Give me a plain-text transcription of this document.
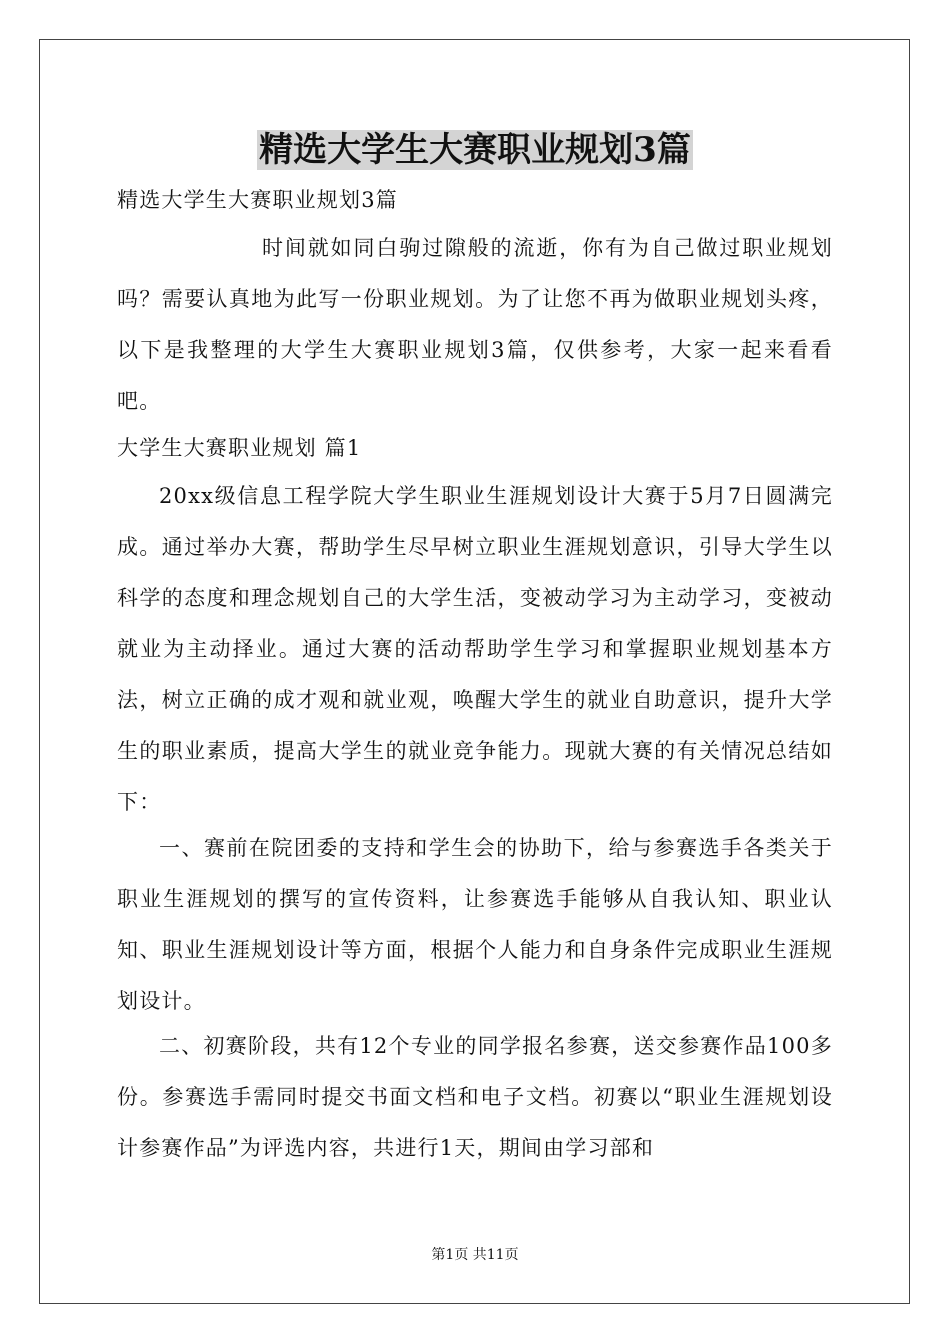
精选大学生大赛职业规划3篇

精选大学生大赛职业规划3篇

时间就如同白驹过隙般的流逝，你有为自己做过职业规划吗？需要认真地为此写一份职业规划。为了让您不再为做职业规划头疼，以下是我整理的大学生大赛职业规划3篇，仅供参考，大家一起来看看吧。

大学生大赛职业规划 篇1

20xx级信息工程学院大学生职业生涯规划设计大赛于5月7日圆满完成。通过举办大赛，帮助学生尽早树立职业生涯规划意识，引导大学生以科学的态度和理念规划自己的大学生活，变被动学习为主动学习，变被动就业为主动择业。通过大赛的活动帮助学生学习和掌握职业规划基本方法，树立正确的成才观和就业观，唤醒大学生的就业自助意识，提升大学生的职业素质，提高大学生的就业竞争能力。现就大赛的有关情况总结如下：

一、赛前在院团委的支持和学生会的协助下，给与参赛选手各类关于职业生涯规划的撰写的宣传资料，让参赛选手能够从自我认知、职业认知、职业生涯规划设计等方面，根据个人能力和自身条件完成职业生涯规划设计。

二、初赛阶段，共有12个专业的同学报名参赛，送交参赛作品100多份。参赛选手需同时提交书面文档和电子文档。初赛以“职业生涯规划设计参赛作品”为评选内容，共进行1天，期间由学习部和

第1页 共11页
